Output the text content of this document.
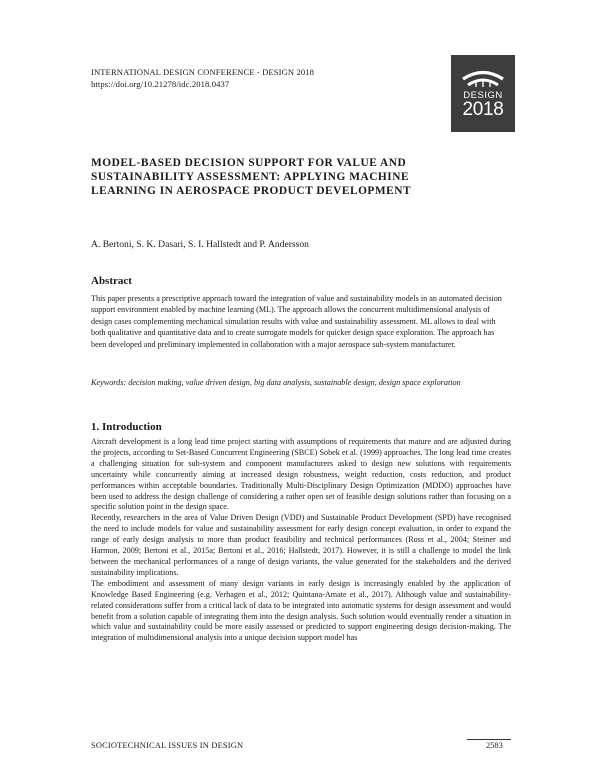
INTERNATIONAL DESIGN CONFERENCE - DESIGN 2018
https://doi.org/10.21278/idc.2018.0437
DESIGN
2018
MODEL-BASED DECISION SUPPORT FOR VALUE AND SUSTAINABILITY ASSESSMENT: APPLYING MACHINE LEARNING IN AEROSPACE PRODUCT DEVELOPMENT

A. Bertoni, S. K. Dasari, S. I. Hallstedt and P. Andersson

Abstract

This paper presents a prescriptive approach toward the integration of value and sustainability models in an automated decision support environment enabled by machine learning (ML). The approach allows the concurrent multidimensional analysis of design cases complementing mechanical simulation results with value and sustainability assessment. ML allows to deal with both qualitative and quantitative data and to create surrogate models for quicker design space exploration. The approach has been developed and preliminary implemented in collaboration with a major aerospace sub-system manufacturer.

Keywords: decision making, value driven design, big data analysis, sustainable design, design space exploration

1. Introduction

Aircraft development is a long lead time project starting with assumptions of requirements that mature and are adjusted during the projects, according to Set-Based Concurrent Engineering (SBCE) Sobek et al. (1999) approaches. The long lead time creates a challenging situation for sub-system and component manufacturers asked to design new solutions with requirements uncertainty while concurrently aiming at increased design robustness, weight reduction, costs reduction, and product performances within acceptable boundaries. Traditionally Multi-Disciplinary Design Optimization (MDDO) approaches have been used to address the design challenge of considering a rather open set of feasible design solutions rather than focusing on a specific solution point in the design space.

Recently, researchers in the area of Value Driven Design (VDD) and Sustainable Product Development (SPD) have recognised the need to include models for value and sustainability assessment for early design concept evaluation, in order to expand the range of early design analysis to more than product feasibility and technical performances (Ross et al., 2004; Steiner and Harmon, 2009; Bertoni et al., 2015a; Bertoni et al., 2016; Hallstedt, 2017). However, it is still a challenge to model the link between the mechanical performances of a range of design variants, the value generated for the stakeholders and the derived sustainability implications.

The embodiment and assessment of many design variants in early design is increasingly enabled by the application of Knowledge Based Engineering (e.g. Verhagen et al., 2012; Quintana-Amate et al., 2017). Although value and sustainability-related considerations suffer from a critical lack of data to be integrated into automatic systems for design assessment and would benefit from a solution capable of integrating them into the design analysis. Such solution would eventually render a situation in which value and sustainability could be more easily assessed or predicted to support engineering design decision-making. The integration of multidimensional analysis into a unique decision support model has

SOCIOTECHNICAL ISSUES IN DESIGN	2583
